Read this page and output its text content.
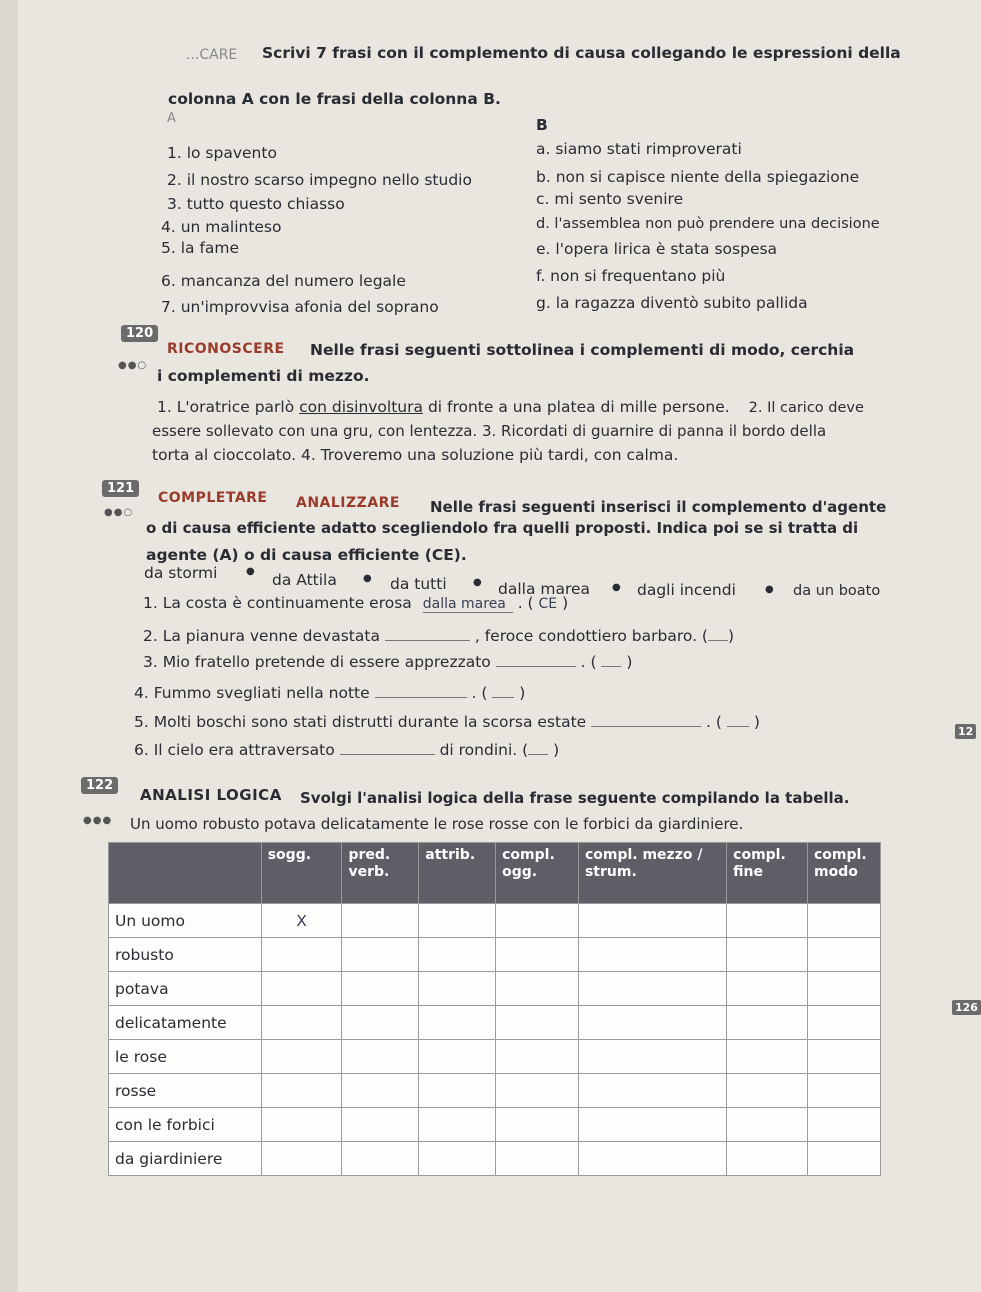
...CARE Scrivi 7 frasi con il complemento di causa collegando le espressioni della
colonna A con le frasi della colonna B.
A	B
1. lo spavento
2. il nostro scarso impegno nello studio
3. tutto questo chiasso
4. un malinteso
5. la fame
6. mancanza del numero legale
7. un'improvvisa afonia del soprano
a. siamo stati rimproverati
b. non si capisce niente della spiegazione
c. mi sento svenire
d. l'assemblea non può prendere una decisione
e. l'opera lirica è stata sospesa
f. non si frequentano più
g. la ragazza diventò subito pallida
120
●●○
RICONOSCERE Nelle frasi seguenti sottolinea i complementi di modo, cerchia
i complementi di mezzo.
1. L'oratrice parlò con disinvoltura di fronte a una platea di mille persone. 2. Il carico deve
essere sollevato con una gru, con lentezza. 3. Ricordati di guarnire di panna il bordo della
torta al cioccolato. 4. Troveremo una soluzione più tardi, con calma.
121
●●○
COMPLETARE ANALIZZARE Nelle frasi seguenti inserisci il complemento d'agente
o di causa efficiente adatto scegliendolo fra quelli proposti. Indica poi se si tratta di
agente (A) o di causa efficiente (CE).
da stormi	● da Attila	● da tutti	● dalla marea ● dagli incendi	● da un boato
1. La costa è continuamente erosa dalla marea . ( CE )
2. La pianura venne devastata	, feroce condottiero barbaro. ( )
3. Mio fratello pretende di essere apprezzato	. (  )
4. Fummo svegliati nella notte	. (  )
5. Molti boschi sono stati distrutti durante la scorsa estate	. (  )
6. Il cielo era attraversato	di rondini. ( )
122
●●●
ANALISI LOGICA Svolgi l'analisi logica della frase seguente compilando la tabella.
Un uomo robusto potava delicatamente le rose rosse con le forbici da giardiniere.
	sogg.	pred. verb.	attrib.	compl. ogg.	compl. mezzo / strum.	compl. fine	compl. modo
Un uomo	X						
robusto							
potava							
delicatamente							
le rose							
rosse							
con le forbici							
da giardiniere							
12
126
